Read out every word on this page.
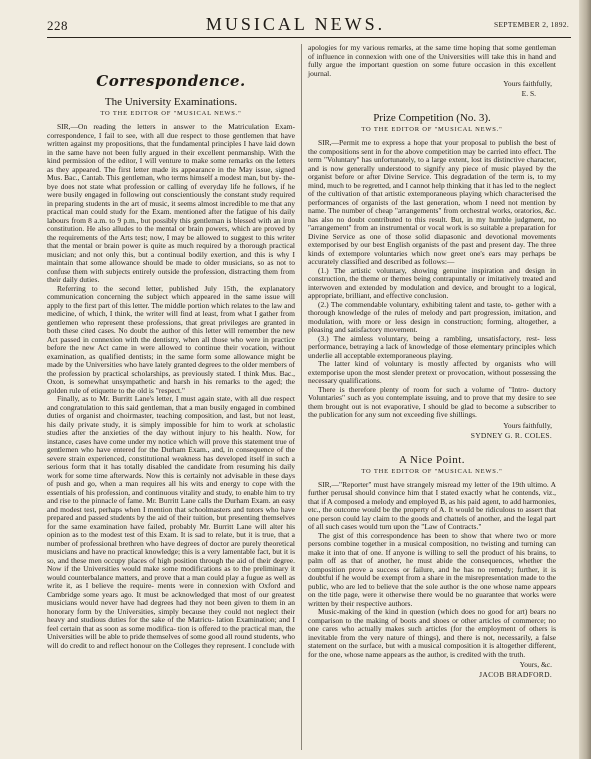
228	MUSICAL NEWS.	SEPTEMBER 2, 1892.
Correspondence.
The University Examinations.
TO THE EDITOR OF "MUSICAL NEWS."

SIR,—On reading the letters in answer to the Matriculation Exam- correspondence, I fail to see, with all due respect to those gentlemen that have written against my propositions, that the fundamental principles I have laid down in the same have not been fully argued in their excellent penmanship. With the kind permission of the editor, I will venture to make some remarks on the letters as they appeared. The first letter made its appearance in the May issue, signed Mus. Bac., Cantab. This gentleman, who terms himself a modest man, but by- the-bye does not state what profession or calling of everyday life he follows, if he were busily engaged in following out conscientiously the constant study required in preparing students in the art of music, it seems almost incredible to me that any practical man could study for the Exam. mentioned after the fatigue of his daily labours from 8 a.m. to 9 p.m., but possibly this gentleman is blessed with an iron constitution. He also alludes to the mental or brain powers, which are proved by the requirements of the Arts test; now, I may be allowed to suggest to this writer that the mental or brain power is quite as much required by a thorough practical musician; and not only this, but a continual bodily exertion, and this is why I maintain that some allowance should be made to older musicians, so as not to confuse them with subjects entirely outside the profession, distracting them from their daily duties.

Referring to the second letter, published July 15th, the explanatory communication concerning the subject which appeared in the same issue will apply to the first part of this letter. The middle portion which relates to the law and medicine, of which, I think, the writer will find at least, from what I gather from gentlemen who represent these professions, that great privileges are granted in both these cited cases. No doubt the author of this letter will remember the new Act passed in connexion with the dentistry, when all those who were in practice before the new Act came in were allowed to continue their vocation, without examination, as qualified dentists; in the same form some allowance might be made by the Universities who have lately granted degrees to the older members of the profession by practical scholarships, as previously stated. I think Mus. Bac., Oxon, is somewhat unsympathetic and harsh in his remarks to the aged; the golden rule of etiquette to the old is "respect."

Finally, as to Mr. Burritt Lane's letter, I must again state, with all due respect and congratulation to this said gentleman, that a man busily engaged in combined duties of organist and choirmaster, teaching composition, and last, but not least, his daily private study, it is simply impossible for him to work at scholastic studies after the anxieties of the day without injury to his health. Now, for instance, cases have come under my notice which will prove this statement true of gentlemen who have entered for the Durham Exam., and, in consequence of the severe strain experienced, constitutional weakness has developed itself in such a serious form that it has totally disabled the candidate from resuming his daily work for some time afterwards. Now this is certainly not advisable in these days of push and go, when a man requires all his wits and energy to cope with the essentials of his profession, and continuous vitality and study, to enable him to try and rise to the pinnacle of fame. Mr. Burritt Lane calls the Durham Exam. an easy and modest test, perhaps when I mention that schoolmasters and tutors who have prepared and passed students by the aid of their tuition, but presenting themselves for the same examination have failed, probably Mr. Burritt Lane will alter his opinion as to the modest test of this Exam. It is sad to relate, but it is true, that a number of professional brethren who have degrees of doctor are purely theoretical musicians and have no practical knowledge; this is a very lamentable fact, but it is so, and these men occupy places of high position through the aid of their degree. Now if the Universities would make some modifications as to the preliminary it would counterbalance matters, and prove that a man could play a fugue as well as write it, as I believe the require- ments were in connexion with Oxford and Cambridge some years ago. It must be acknowledged that most of our greatest musicians would never have had degrees had they not been given to them in an honorary form by the Universities, simply because they could not neglect their heavy and studious duties for the sake of the Matricu- lation Examination; and I feel certain that as soon as some modifica- tion is offered to the practical man, the Universities will be able to pride themselves of some good all round students, who will do credit to and reflect honour on the Colleges they represent. I conclude with

apologies for my various remarks, at the same time hoping that some gentleman of influence in connexion with one of the Universities will take this in hand and fully argue the important question on some future occasion in this excellent journal.

Yours faithfully,
E. S.
Prize Competition (No. 3).
TO THE EDITOR OF "MUSICAL NEWS."

SIR,—Permit me to express a hope that your proposal to publish the best of the compositions sent in for the above competition may be carried into effect. The term "Voluntary" has unfortunately, to a large extent, lost its distinctive character, and is now generally understood to signify any piece of music played by the organist before or after Divine Service. This degradation of the term is, to my mind, much to be regretted, and I cannot help thinking that it has led to the neglect of the cultivation of that artistic extemporaneous playing which characterised the performances of organists of the last generation, whom I need not mention by name. The number of cheap "arrangements" from orchestral works, oratorios, &c. has also no doubt contributed to this result. But, in my humble judgment, no "arrangement" from an instrumental or vocal work is so suitable a preparation for Divine Service as one of those solid diapasonic and devotional movements extemporised by our best English organists of the past and present day. The three kinds of extempore voluntaries which now greet one's ears may perhaps be accurately classified and described as follows:—

(1.) The artistic voluntary, showing genuine inspiration and design in construction, the theme or themes being contrapuntally or imitatively treated and interwoven and extended by modulation and device, and brought to a logical, appropriate, brilliant, and effective conclusion.

(2.) The commendable voluntary, exhibiting talent and taste, to- gether with a thorough knowledge of the rules of melody and part progression, imitation, and modulation, with more or less design in construction; forming, altogether, a pleasing and satisfactory movement.

(3.) The aimless voluntary, being a rambling, unsatisfactory, rest- less performance, betraying a lack of knowledge of those elementary principles which underlie all acceptable extemporaneous playing.

The latter kind of voluntary is mostly affected by organists who will extemporise upon the most slender pretext or provocation, without possessing the necessary qualifications.

There is therefore plenty of room for such a volume of "Intro- ductory Voluntaries" such as you contemplate issuing, and to prove that my desire to see them brought out is not evaporative, I should be glad to become a subscriber to the publication for any sum not exceeding five shillings.

Yours faithfully,
SYDNEY G. R. COLES.
A Nice Point.
TO THE EDITOR OF "MUSICAL NEWS."

SIR,—"Reporter" must have strangely misread my letter of the 19th ultimo. A further perusal should convince him that I stated exactly what he contends, viz., that if A composed a melody and employed B, as his paid agent, to add harmonies, etc., the outcome would be the property of A. It would be ridiculous to assert that one person could lay claim to the goods and chattels of another, and the legal part of all such cases would turn upon the "Law of Contracts."

The gist of this correspondence has been to show that where two or more persons combine together in a musical composition, no twisting and turning can make it into that of one. If anyone is willing to sell the product of his brains, to palm off as that of another, he must abide the consequences, whether the composition prove a success or failure, and he has no remedy; further, it is doubtful if he would be exempt from a share in the misrepresentation made to the public, who are led to believe that the sole author is the one whose name appears on the title page, were it otherwise there would be no guarantee that works were written by their respective authors.

Music-making of the kind in question (which does no good for art) bears no comparison to the making of boots and shoes or other articles of commerce; no one cares who actually makes such articles (for the employment of others is inevitable from the very nature of things), and there is not, necessarily, a false statement on the surface, but with a musical composition it is altogether different, for the one, whose name appears as the author, is credited with the truth.

Yours, &c.
JACOB BRADFORD.
